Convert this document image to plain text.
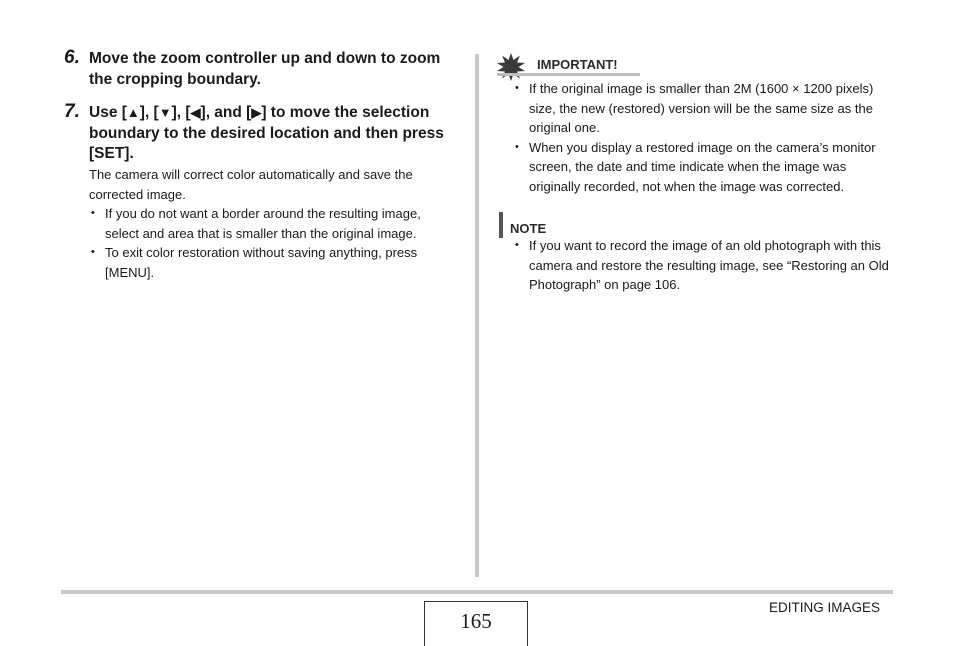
6. Move the zoom controller up and down to zoom the cropping boundary.
7. Use [▲], [▼], [◀], and [▶] to move the selection boundary to the desired location and then press [SET].
The camera will correct color automatically and save the corrected image.
• If you do not want a border around the resulting image, select and area that is smaller than the original image.
• To exit color restoration without saving anything, press [MENU].
IMPORTANT!
• If the original image is smaller than 2M (1600 × 1200 pixels) size, the new (restored) version will be the same size as the original one.
• When you display a restored image on the camera’s monitor screen, the date and time indicate when the image was originally recorded, not when the image was corrected.
NOTE
• If you want to record the image of an old photograph with this camera and restore the resulting image, see “Restoring an Old Photograph” on page 106.
165
EDITING IMAGES
